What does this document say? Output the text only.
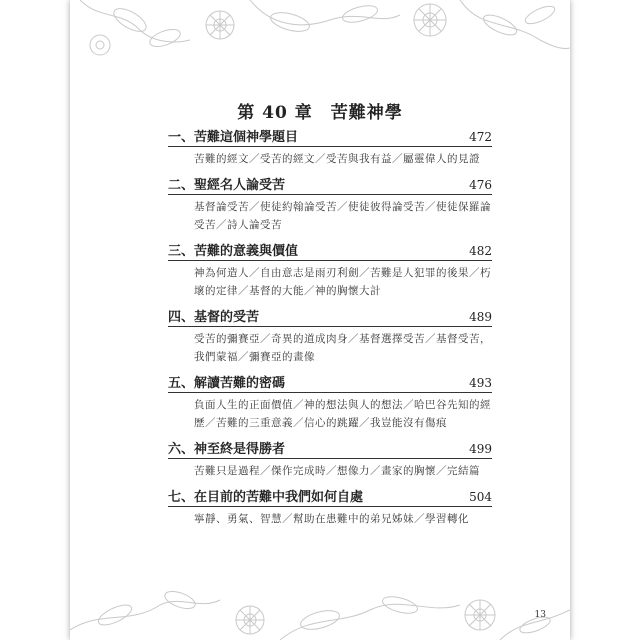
第 40 章　苦難神學
一、苦難這個神學題目	472
苦難的經文／受苦的經文／受苦與我有益／屬靈偉人的見證
二、聖經名人論受苦	476
基督論受苦／使徒約翰論受苦／使徒彼得論受苦／使徒保羅論受苦／詩人論受苦
三、苦難的意義與價值	482
神為何造人／自由意志是雨刃利劍／苦難是人犯罪的後果／朽壞的定律／基督的大能／神的胸懷大計
四、基督的受苦	489
受苦的彌賽亞／奇異的道成肉身／基督選擇受苦／基督受苦，我們蒙福／彌賽亞的畫像
五、解讀苦難的密碼	493
負面人生的正面價值／神的想法與人的想法／哈巴谷先知的經歷／苦難的三重意義／信心的跳躍／我豈能沒有傷痕
六、神至終是得勝者	499
苦難只是過程／傑作完成時／想像力／畫家的胸懷／完結篇
七、在目前的苦難中我們如何自處	504
寧靜、勇氣、智慧／幫助在患難中的弟兄姊妹／學習轉化
13
